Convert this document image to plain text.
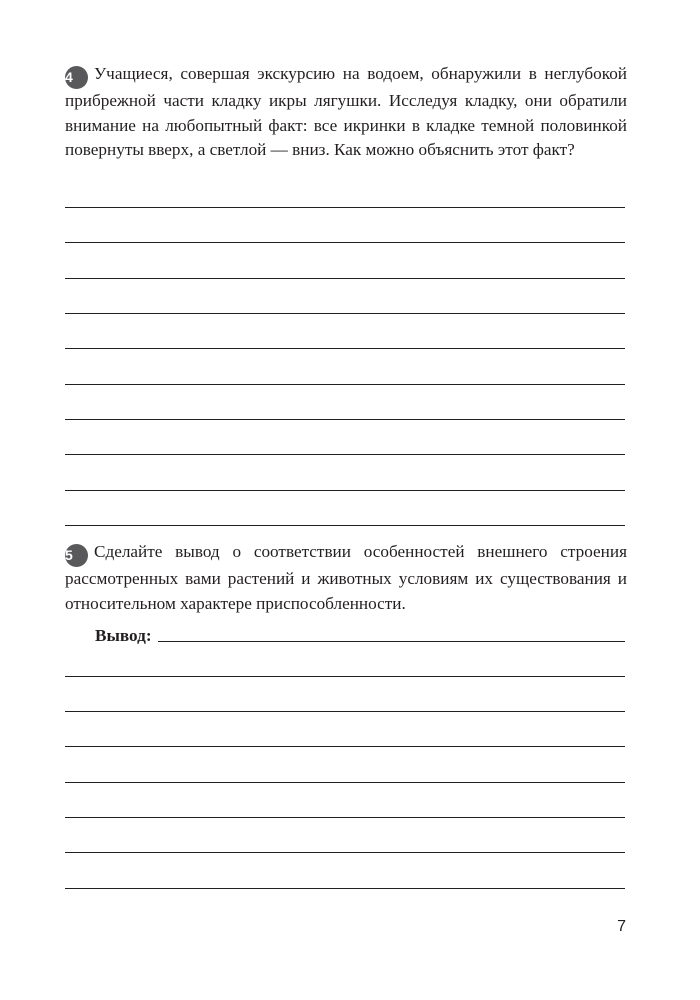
4 Учащиеся, совершая экскурсию на водоем, обнаружили в неглубокой прибрежной части кладку икры лягушки. Исследуя кладку, они обратили внимание на любопытный факт: все икринки в кладке темной половинкой повернуты вверх, а светлой — вниз. Как можно объяснить этот факт?
5 Сделайте вывод о соответствии особенностей внешнего строения рассмотренных вами растений и животных условиям их существования и относительном характере приспособленности.
Вывод:
7
